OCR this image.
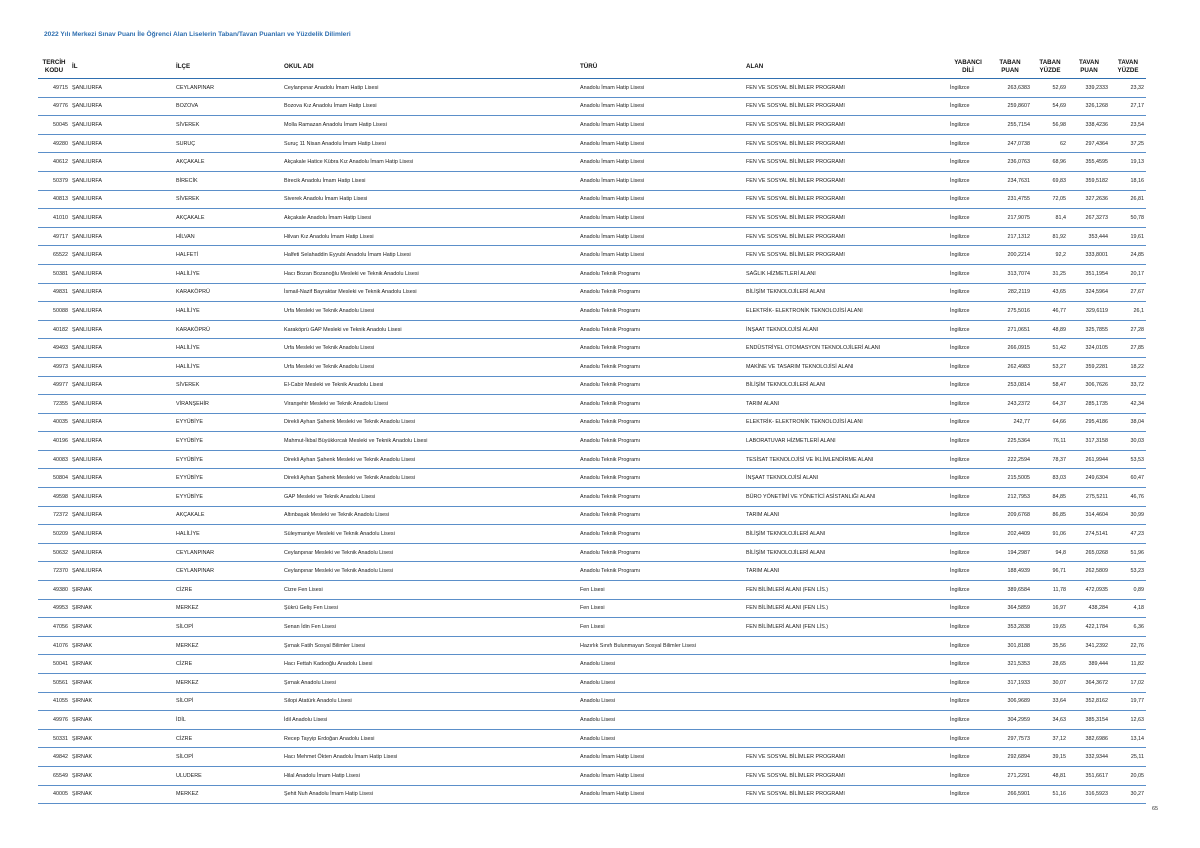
2022 Yılı Merkezi Sınav Puanı İle Öğrenci Alan Liselerin Taban/Tavan Puanları ve Yüzdelik Dilimleri
TERCİH KODU	İL	İLÇE	OKUL ADI	TÜRÜ	ALAN	YABANCI DİLİ	TABAN PUAN	TABAN YÜZDE	TAVAN PUAN	TAVAN YÜZDE
49715	ŞANLIURFA	CEYLANPINAR	Ceylanpınar Anadolu İmam Hatip Lisesi	Anadolu İmam Hatip Lisesi	FEN VE SOSYAL BİLİMLER PROGRAMI	İngilizce	263,6383	52,69	339,2333	23,32
49776	ŞANLIURFA	BOZOVA	Bozova Kız Anadolu İmam Hatip Lisesi	Anadolu İmam Hatip Lisesi	FEN VE SOSYAL BİLİMLER PROGRAMI	İngilizce	259,8607	54,69	326,1268	27,17
50045	ŞANLIURFA	SİVEREK	Molla Ramazan Anadolu İmam Hatip Lisesi	Anadolu İmam Hatip Lisesi	FEN VE SOSYAL BİLİMLER PROGRAMI	İngilizce	255,7154	56,98	338,4236	23,54
49280	ŞANLIURFA	SURUÇ	Suruç 11 Nisan Anadolu İmam Hatip Lisesi	Anadolu İmam Hatip Lisesi	FEN VE SOSYAL BİLİMLER PROGRAMI	İngilizce	247,0738	62	297,4364	37,25
40612	ŞANLIURFA	AKÇAKALE	Akçakale Hatice Kübra Kız Anadolu İmam Hatip Lisesi	Anadolu İmam Hatip Lisesi	FEN VE SOSYAL BİLİMLER PROGRAMI	İngilizce	236,0763	68,96	355,4595	19,13
50379	ŞANLIURFA	BİRECİK	Birecik Anadolu İmam Hatip Lisesi	Anadolu İmam Hatip Lisesi	FEN VE SOSYAL BİLİMLER PROGRAMI	İngilizce	234,7631	69,83	359,5182	18,16
40813	ŞANLIURFA	SİVEREK	Siverek Anadolu İmam Hatip Lisesi	Anadolu İmam Hatip Lisesi	FEN VE SOSYAL BİLİMLER PROGRAMI	İngilizce	231,4755	72,05	327,2636	26,81
41010	ŞANLIURFA	AKÇAKALE	Akçakale Anadolu İmam Hatip Lisesi	Anadolu İmam Hatip Lisesi	FEN VE SOSYAL BİLİMLER PROGRAMI	İngilizce	217,9075	81,4	267,3273	50,78
49717	ŞANLIURFA	HİLVAN	Hilvan Kız Anadolu İmam Hatip Lisesi	Anadolu İmam Hatip Lisesi	FEN VE SOSYAL BİLİMLER PROGRAMI	İngilizce	217,1312	81,92	353,444	19,61
65522	ŞANLIURFA	HALFETİ	Halfeti Selahaddin Eyyubi Anadolu İmam Hatip Lisesi	Anadolu İmam Hatip Lisesi	FEN VE SOSYAL BİLİMLER PROGRAMI	İngilizce	200,2214	92,2	333,8001	24,85
50381	ŞANLIURFA	HALİLİYE	Hacı Bozan Bozanoğlu Mesleki ve Teknik Anadolu Lisesi	Anadolu Teknik Programı	SAĞLIK HİZMETLERİ ALANI	İngilizce	313,7074	31,25	351,1954	20,17
49831	ŞANLIURFA	KARAKÖPRÜ	İsmail-Nazif Bayraktar Mesleki ve Teknik Anadolu Lisesi	Anadolu Teknik Programı	BİLİŞİM TEKNOLOJİLERİ ALANI	İngilizce	282,2119	43,65	324,5964	27,67
50088	ŞANLIURFA	HALİLİYE	Urfa Mesleki ve Teknik Anadolu Lisesi	Anadolu Teknik Programı	ELEKTRİK- ELEKTRONİK TEKNOLOJİSİ ALANI	İngilizce	275,5016	46,77	329,6119	26,1
40182	ŞANLIURFA	KARAKÖPRÜ	Karaköprü GAP Mesleki ve Teknik Anadolu Lisesi	Anadolu Teknik Programı	İNŞAAT TEKNOLOJİSİ ALANI	İngilizce	271,0651	48,89	325,7855	27,28
49493	ŞANLIURFA	HALİLİYE	Urfa Mesleki ve Teknik Anadolu Lisesi	Anadolu Teknik Programı	ENDÜSTRİYEL OTOMASYON TEKNOLOJİLERİ ALANI	İngilizce	266,0915	51,42	324,0105	27,85
49973	ŞANLIURFA	HALİLİYE	Urfa Mesleki ve Teknik Anadolu Lisesi	Anadolu Teknik Programı	MAKİNE VE TASARIM TEKNOLOJİSİ ALANI	İngilizce	262,4983	53,27	359,2281	18,22
49977	ŞANLIURFA	SİVEREK	El-Cabir Mesleki ve Teknik Anadolu Lisesi	Anadolu Teknik Programı	BİLİŞİM TEKNOLOJİLERİ ALANI	İngilizce	253,0814	58,47	306,7626	33,72
72355	ŞANLIURFA	VİRANŞEHİR	Viranşehir Mesleki ve Teknik Anadolu Lisesi	Anadolu Teknik Programı	TARIM ALANI	İngilizce	243,2372	64,37	285,1735	42,34
40035	ŞANLIURFA	EYYÜBİYE	Direkli Ayhan Şahenk Mesleki ve Teknik Anadolu Lisesi	Anadolu Teknik Programı	ELEKTRİK- ELEKTRONİK TEKNOLOJİSİ ALANI	İngilizce	242,77	64,66	295,4186	38,04
40196	ŞANLIURFA	EYYÜBİYE	Mahmut-İkbal Büyükkırcalı Mesleki ve Teknik Anadolu Lisesi	Anadolu Teknik Programı	LABORATUVAR HİZMETLERİ ALANI	İngilizce	225,5364	76,11	317,3158	30,03
40083	ŞANLIURFA	EYYÜBİYE	Direkli Ayhan Şahenk Mesleki ve Teknik Anadolu Lisesi	Anadolu Teknik Programı	TESİSAT TEKNOLOJİSİ VE İKLİMLENDİRME ALANI	İngilizce	222,2594	78,37	261,9944	53,53
50804	ŞANLIURFA	EYYÜBİYE	Direkli Ayhan Şahenk Mesleki ve Teknik Anadolu Lisesi	Anadolu Teknik Programı	İNŞAAT TEKNOLOJİSİ ALANI	İngilizce	215,5005	83,03	249,6304	60,47
49598	ŞANLIURFA	EYYÜBİYE	GAP Mesleki ve Teknik Anadolu Lisesi	Anadolu Teknik Programı	BÜRO YÖNETİMİ VE YÖNETİCİ ASİSTANLIĞI ALANI	İngilizce	212,7953	84,85	275,5211	46,76
72372	ŞANLIURFA	AKÇAKALE	Altınbaşak Mesleki ve Teknik Anadolu Lisesi	Anadolu Teknik Programı	TARIM ALANI	İngilizce	209,6768	86,85	314,4604	30,99
50209	ŞANLIURFA	HALİLİYE	Süleymaniye Mesleki ve Teknik Anadolu Lisesi	Anadolu Teknik Programı	BİLİŞİM TEKNOLOJİLERİ ALANI	İngilizce	202,4409	91,06	274,5141	47,23
50632	ŞANLIURFA	CEYLANPINAR	Ceylanpınar Mesleki ve Teknik Anadolu Lisesi	Anadolu Teknik Programı	BİLİŞİM TEKNOLOJİLERİ ALANI	İngilizce	194,2987	94,8	265,0268	51,96
72370	ŞANLIURFA	CEYLANPINAR	Ceylanpınar Mesleki ve Teknik Anadolu Lisesi	Anadolu Teknik Programı	TARIM ALANI	İngilizce	188,4939	96,71	262,5809	53,23
49380	ŞIRNAK	CİZRE	Cizre Fen Lisesi	Fen Lisesi	FEN BİLİMLERİ ALANI (FEN LİS.)	İngilizce	389,6584	11,78	472,0935	0,89
49953	ŞIRNAK	MERKEZ	Şükrü Geliş Fen Lisesi	Fen Lisesi	FEN BİLİMLERİ ALANI (FEN LİS.)	İngilizce	364,5859	16,97	438,284	4,18
47056	ŞIRNAK	SİLOPİ	Senan İdin Fen Lisesi	Fen Lisesi	FEN BİLİMLERİ ALANI (FEN LİS.)	İngilizce	353,2838	19,65	422,1784	6,36
41076	ŞIRNAK	MERKEZ	Şırnak Fatih Sosyal Bilimler Lisesi	Hazırlık Sınıfı Bulunmayan Sosyal Bilimler Lisesi		İngilizce	301,8188	35,56	341,2392	22,76
50041	ŞIRNAK	CİZRE	Hacı Fettah Kadooğlu Anadolu Lisesi	Anadolu Lisesi		İngilizce	321,5353	28,65	389,444	11,82
50561	ŞIRNAK	MERKEZ	Şırnak Anadolu Lisesi	Anadolu Lisesi		İngilizce	317,1933	30,07	364,3672	17,02
41055	ŞIRNAK	SİLOPİ	Silopi Atatürk Anadolu Lisesi	Anadolu Lisesi		İngilizce	306,9689	33,64	352,8162	19,77
49976	ŞIRNAK	İDİL	İdil Anadolu Lisesi	Anadolu Lisesi		İngilizce	304,2959	34,63	385,3154	12,63
50331	ŞIRNAK	CİZRE	Recep Tayyip Erdoğan Anadolu Lisesi	Anadolu Lisesi		İngilizce	297,7573	37,12	382,6986	13,14
49842	ŞIRNAK	SİLOPİ	Hacı Mehmet Ökten Anadolu İmam Hatip Lisesi	Anadolu İmam Hatip Lisesi	FEN VE SOSYAL BİLİMLER PROGRAMI	İngilizce	292,6894	39,15	332,9344	25,11
65549	ŞIRNAK	ULUDERE	Hilal Anadolu İmam Hatip Lisesi	Anadolu İmam Hatip Lisesi	FEN VE SOSYAL BİLİMLER PROGRAMI	İngilizce	271,2291	48,81	351,6617	20,05
40005	ŞIRNAK	MERKEZ	Şehit Nuh Anadolu İmam Hatip Lisesi	Anadolu İmam Hatip Lisesi	FEN VE SOSYAL BİLİMLER PROGRAMI	İngilizce	266,5901	51,16	316,5923	30,27
65
